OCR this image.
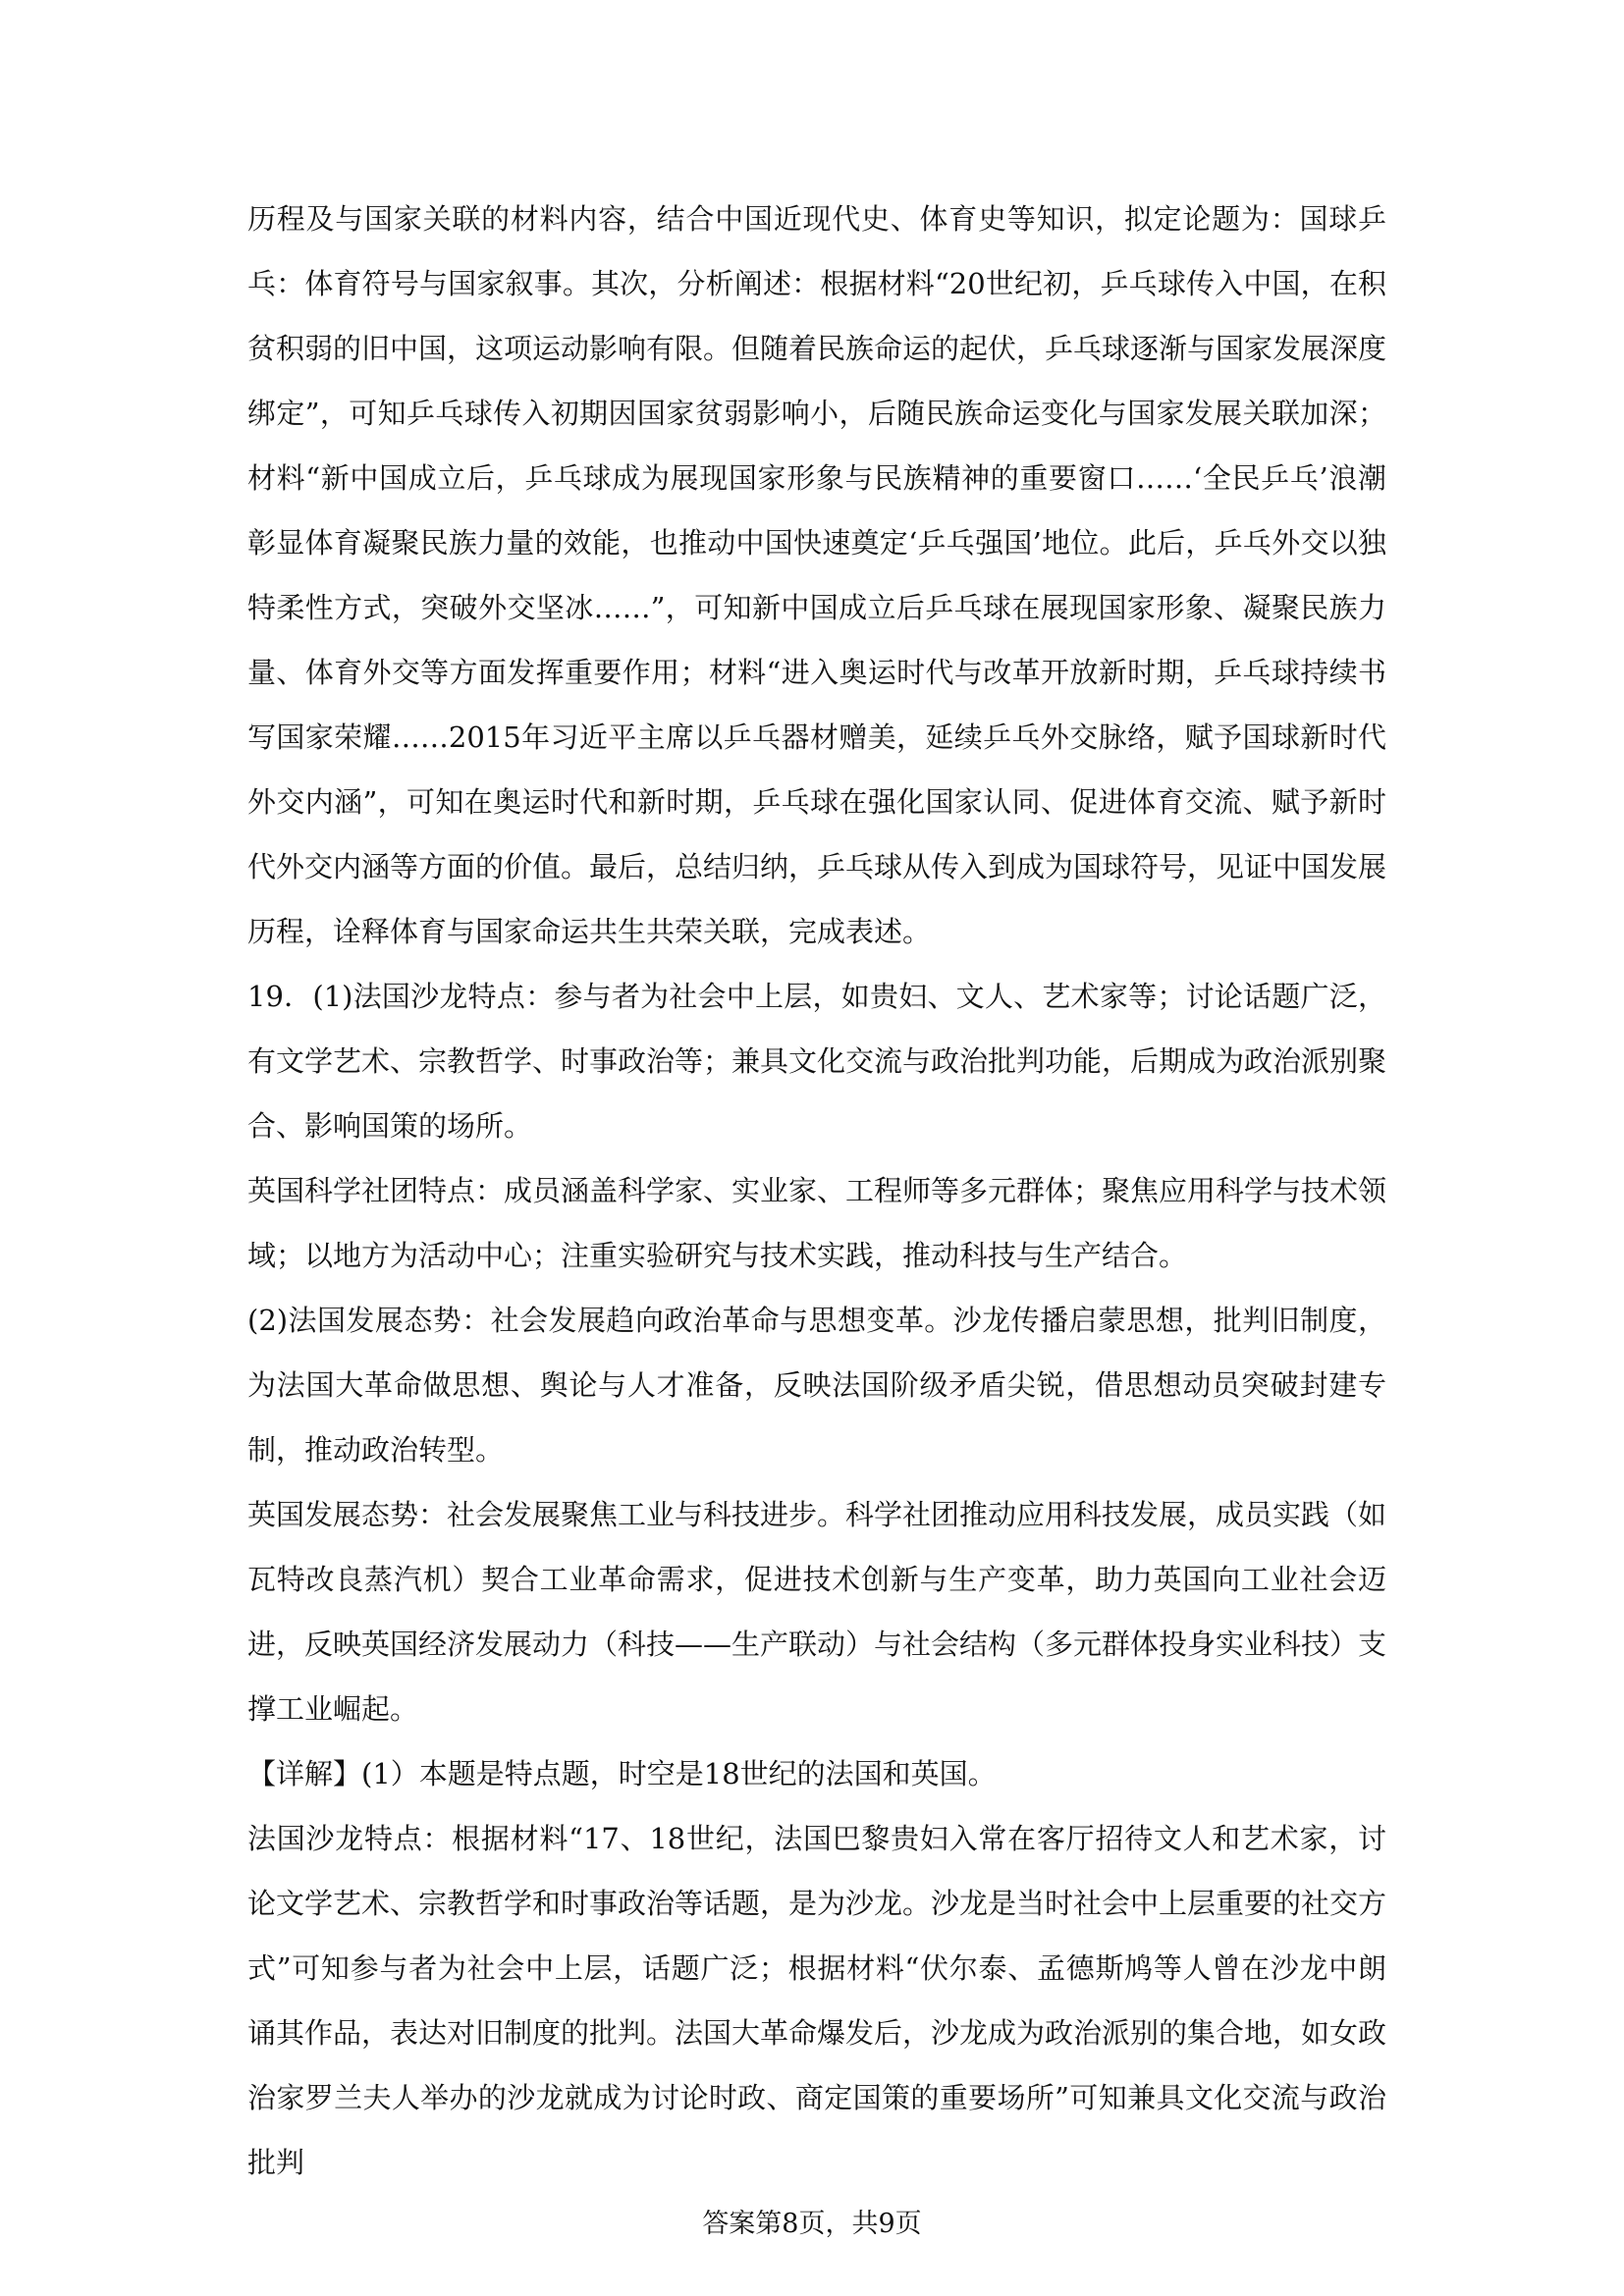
历程及与国家关联的材料内容，结合中国近现代史、体育史等知识，拟定论题为：国球乒乓：体育符号与国家叙事。其次，分析阐述：根据材料“20世纪初，乒乓球传入中国，在积贫积弱的旧中国，这项运动影响有限。但随着民族命运的起伏，乒乓球逐渐与国家发展深度绑定”，可知乒乓球传入初期因国家贫弱影响小，后随民族命运变化与国家发展关联加深；材料“新中国成立后，乒乓球成为展现国家形象与民族精神的重要窗口……‘全民乒乓’浪潮彰显体育凝聚民族力量的效能，也推动中国快速奠定‘乒乓强国’地位。此后，乒乓外交以独特柔性方式，突破外交坚冰……”，可知新中国成立后乒乓球在展现国家形象、凝聚民族力量、体育外交等方面发挥重要作用；材料“进入奥运时代与改革开放新时期，乒乓球持续书写国家荣耀……2015年习近平主席以乒乓器材赠美，延续乒乓外交脉络，赋予国球新时代外交内涵”，可知在奥运时代和新时期，乒乓球在强化国家认同、促进体育交流、赋予新时代外交内涵等方面的价值。最后，总结归纳，乒乓球从传入到成为国球符号，见证中国发展历程，诠释体育与国家命运共生共荣关联，完成表述。

19．(1)法国沙龙特点：参与者为社会中上层，如贵妇、文人、艺术家等；讨论话题广泛，有文学艺术、宗教哲学、时事政治等；兼具文化交流与政治批判功能，后期成为政治派别聚合、影响国策的场所。

英国科学社团特点：成员涵盖科学家、实业家、工程师等多元群体；聚焦应用科学与技术领域；以地方为活动中心；注重实验研究与技术实践，推动科技与生产结合。

(2)法国发展态势：社会发展趋向政治革命与思想变革。沙龙传播启蒙思想，批判旧制度，为法国大革命做思想、舆论与人才准备，反映法国阶级矛盾尖锐，借思想动员突破封建专制，推动政治转型。

英国发展态势：社会发展聚焦工业与科技进步。科学社团推动应用科技发展，成员实践（如瓦特改良蒸汽机）契合工业革命需求，促进技术创新与生产变革，助力英国向工业社会迈进，反映英国经济发展动力（科技——生产联动）与社会结构（多元群体投身实业科技）支撑工业崛起。

【详解】(1）本题是特点题，时空是18世纪的法国和英国。

法国沙龙特点：根据材料“17、18世纪，法国巴黎贵妇入常在客厅招待文人和艺术家，讨论文学艺术、宗教哲学和时事政治等话题，是为沙龙。沙龙是当时社会中上层重要的社交方式”可知参与者为社会中上层，话题广泛；根据材料“伏尔泰、孟德斯鸠等人曾在沙龙中朗诵其作品，表达对旧制度的批判。法国大革命爆发后，沙龙成为政治派别的集合地，如女政治家罗兰夫人举办的沙龙就成为讨论时政、商定国策的重要场所”可知兼具文化交流与政治批判

答案第8页，共9页
